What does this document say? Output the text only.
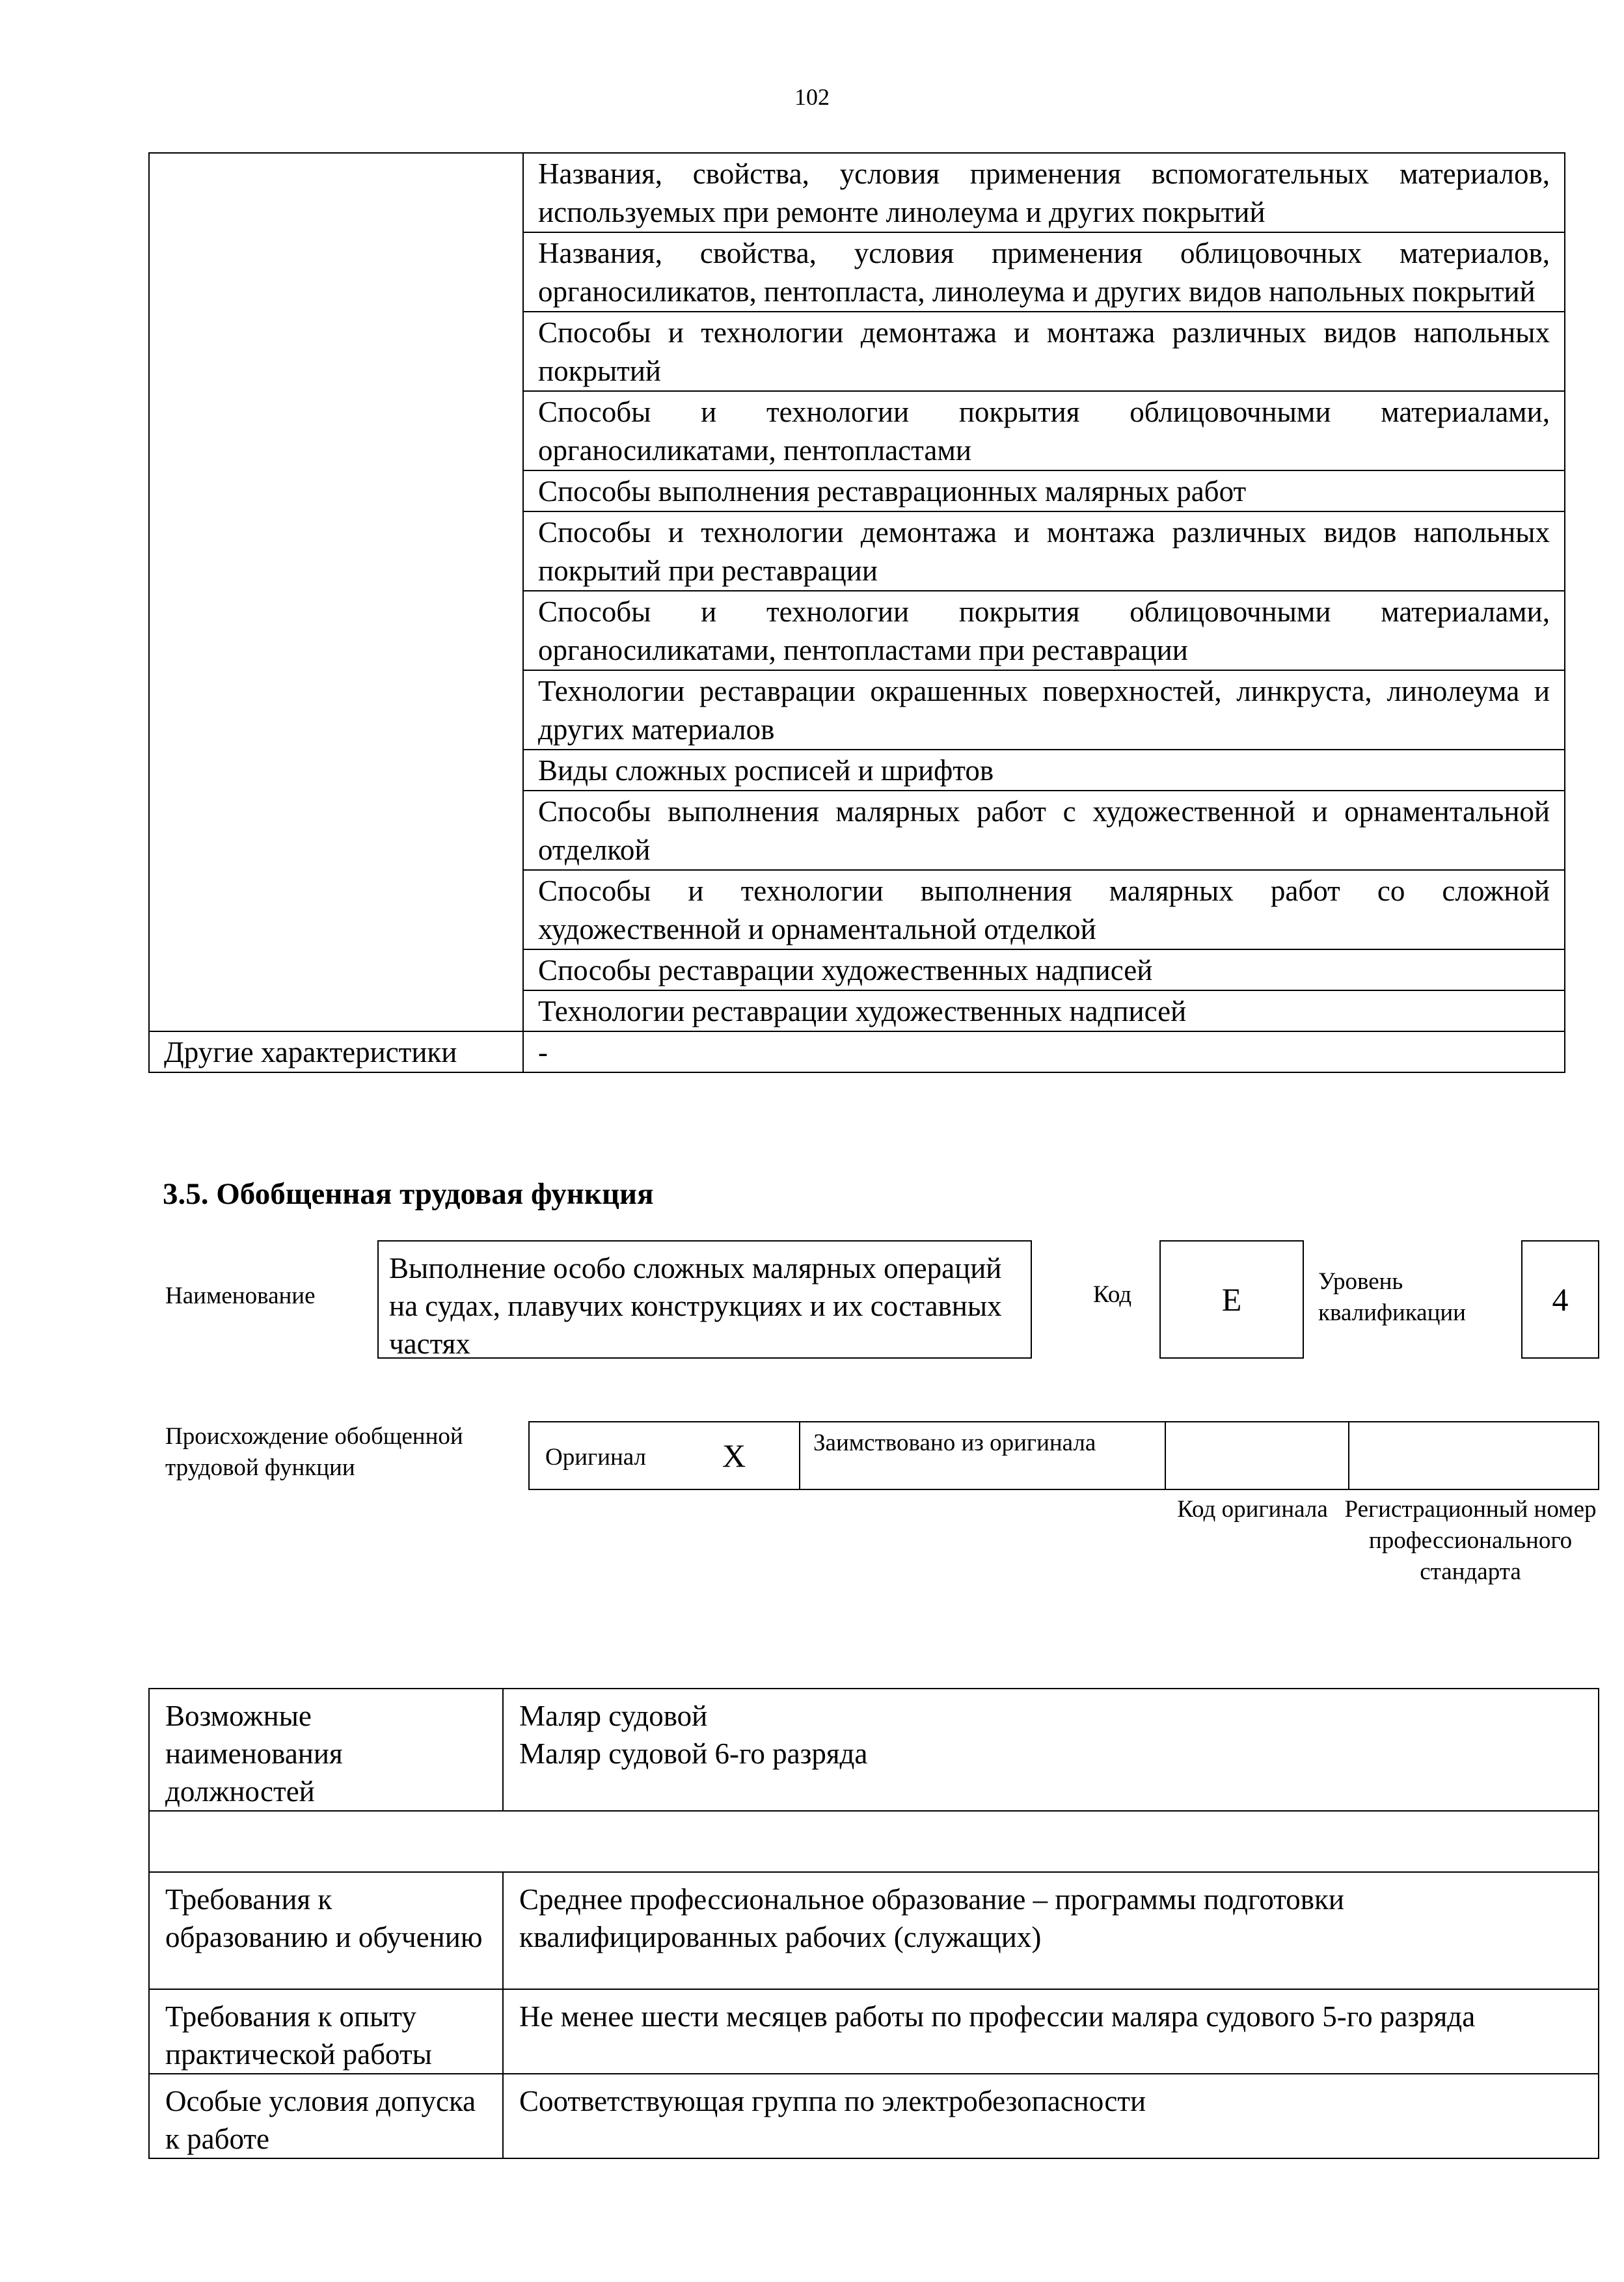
102
	Названия, свойства, условия применения вспомогательных материалов, используемых при ремонте линолеума и других покрытий
	Названия, свойства, условия применения облицовочных материалов, органосиликатов, пентопласта, линолеума и других видов напольных покрытий
	Способы и технологии демонтажа и монтажа различных видов напольных покрытий
	Способы и технологии покрытия облицовочными материалами, органосиликатами, пентопластами
	Способы выполнения реставрационных малярных работ
	Способы и технологии демонтажа и монтажа различных видов напольных покрытий при реставрации
	Способы и технологии покрытия облицовочными материалами, органосиликатами, пентопластами при реставрации
	Технологии реставрации окрашенных поверхностей, линкруста, линолеума и других материалов
	Виды сложных росписей и шрифтов
	Способы выполнения малярных работ с художественной и орнаментальной отделкой
	Способы и технологии выполнения малярных работ со сложной художественной и орнаментальной отделкой
	Способы реставрации художественных надписей
	Технологии реставрации художественных надписей
Другие характеристики	-
3.5. Обобщенная трудовая функция
Наименование
Выполнение особо сложных малярных операций на судах, плавучих конструкциях и их составных частях
Код	E	Уровень квалификации	4
Происхождение обобщенной трудовой функции	Оригинал X	Заимствовано из оригинала
Код оригинала Регистрационный номер профессионального стандарта
Возможные наименования должностей	Маляр судовой
Маляр судовой 6-го разряда

Требования к образованию и обучению	Среднее профессиональное образование – программы подготовки квалифицированных рабочих (служащих)
Требования к опыту практической работы	Не менее шести месяцев работы по профессии маляра судового 5-го разряда
Особые условия допуска к работе	Соответствующая группа по электробезопасности
